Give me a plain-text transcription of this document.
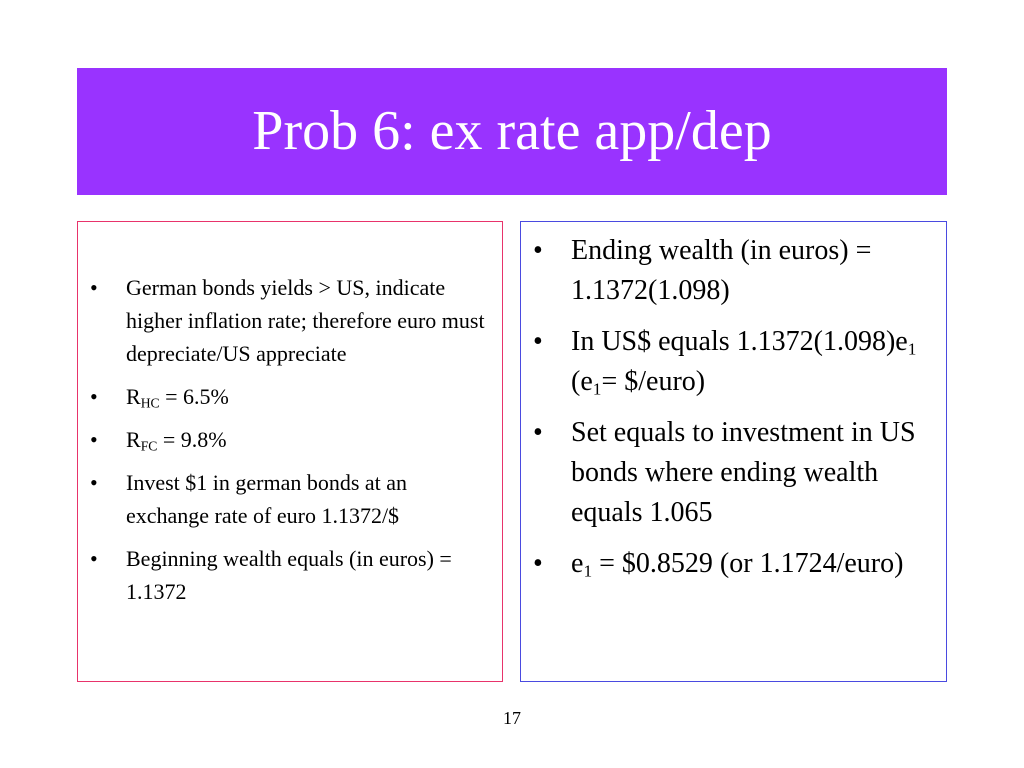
Prob 6: ex rate app/dep
• German bonds yields > US, indicate higher inflation rate; therefore euro must depreciate/US appreciate
• $R_{HC} = 6.5\%$
• $R_{FC} = 9.8\%$
• Invest $1 in german bonds at an exchange rate of euro 1.1372/$
• Beginning wealth equals (in euros) = 1.1372
• Ending wealth (in euros) = 1.1372(1.098)
• In US$ equals $1.1372(1.098)e_1$ ($e_1=$ $/euro)
• Set equals to investment in US bonds where ending wealth equals 1.065
• $e_1$ = $0.8529 (or 1.1724/euro)
17
